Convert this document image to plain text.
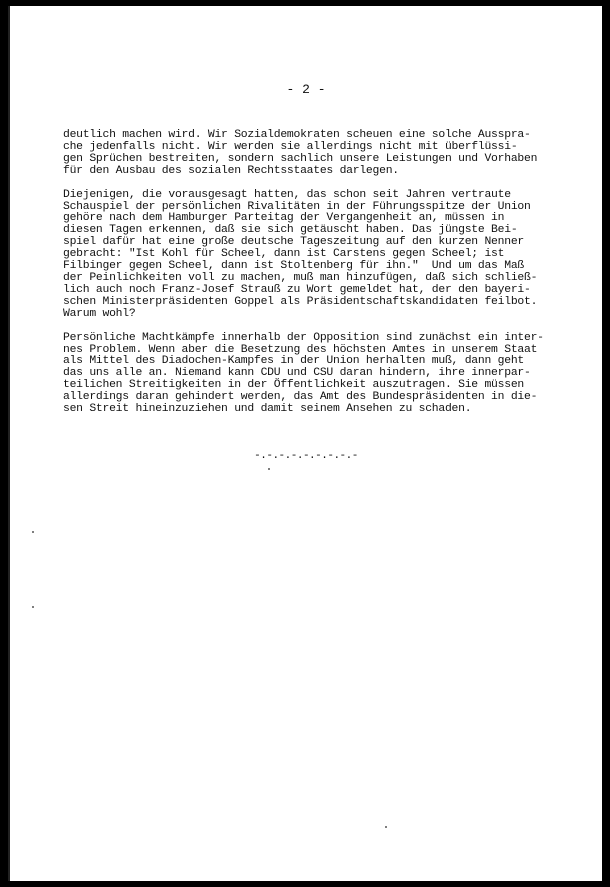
- 2 -
deutlich machen wird. Wir Sozialdemokraten scheuen eine solche Ausspra-
che jedenfalls nicht. Wir werden sie allerdings nicht mit überflüssi-
gen Sprüchen bestreiten, sondern sachlich unsere Leistungen und Vorhaben
für den Ausbau des sozialen Rechtsstaates darlegen.
Diejenigen, die vorausgesagt hatten, das schon seit Jahren vertraute
Schauspiel der persönlichen Rivalitäten in der Führungsspitze der Union
gehöre nach dem Hamburger Parteitag der Vergangenheit an, müssen in
diesen Tagen erkennen, daß sie sich getäuscht haben. Das jüngste Bei-
spiel dafür hat eine große deutsche Tageszeitung auf den kurzen Nenner
gebracht: "Ist Kohl für Scheel, dann ist Carstens gegen Scheel; ist
Filbinger gegen Scheel, dann ist Stoltenberg für ihn."  Und um das Maß
der Peinlichkeiten voll zu machen, muß man hinzufügen, daß sich schließ-
lich auch noch Franz-Josef Strauß zu Wort gemeldet hat, der den bayeri-
schen Ministerpräsidenten Goppel als Präsidentschaftskandidaten feilbot.
Warum wohl?
Persönliche Machtkämpfe innerhalb der Opposition sind zunächst ein inter-
nes Problem. Wenn aber die Besetzung des höchsten Amtes in unserem Staat
als Mittel des Diadochen-Kampfes in der Union herhalten muß, dann geht
das uns alle an. Niemand kann CDU und CSU daran hindern, ihre innerpar-
teilichen Streitigkeiten in der Öffentlichkeit auszutragen. Sie müssen
allerdings daran gehindert werden, das Amt des Bundespräsidenten in die-
sen Streit hineinzuziehen und damit seinem Ansehen zu schaden.
-.-.-.-.-.-.-.-.-
